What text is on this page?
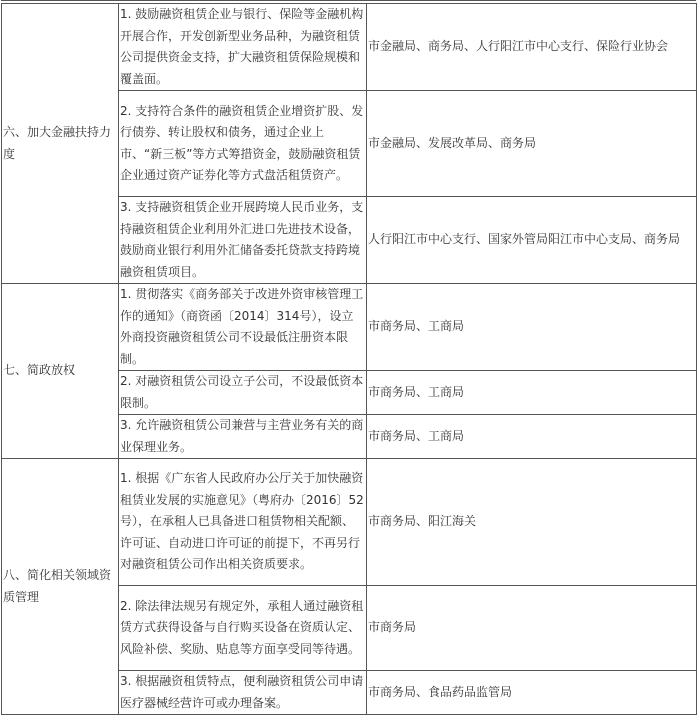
六、加大金融扶持力度	1. 鼓励融资租赁企业与银行、保险等金融机构开展合作，开发创新型业务品种，为融资租赁公司提供资金支持，扩大融资租赁保险规模和覆盖面。	市金融局、商务局、人行阳江市中心支行、保险行业协会
	2. 支持符合条件的融资租赁企业增资扩股、发行债券、转让股权和债务，通过企业上市、“新三板”等方式筹措资金，鼓励融资租赁企业通过资产证券化等方式盘活租赁资产。	市金融局、发展改革局、商务局
	3. 支持融资租赁企业开展跨境人民币业务，支持融资租赁企业利用外汇进口先进技术设备，鼓励商业银行利用外汇储备委托贷款支持跨境融资租赁项目。	人行阳江市中心支行、国家外管局阳江市中心支局、商务局
七、简政放权	1. 贯彻落实《商务部关于改进外资审核管理工作的通知》（商资函〔2014〕314号），设立外商投资融资租赁公司不设最低注册资本限制。	市商务局、工商局
	2. 对融资租赁公司设立子公司，不设最低资本限制。	市商务局、工商局
	3. 允许融资租赁公司兼营与主营业务有关的商业保理业务。	市商务局、工商局
八、简化相关领域资质管理	1. 根据《广东省人民政府办公厅关于加快融资租赁业发展的实施意见》（粤府办〔2016〕52号），在承租人已具备进口租赁物相关配额、许可证、自动进口许可证的前提下，不再另行对融资租赁公司作出相关资质要求。	市商务局、阳江海关
	2. 除法律法规另有规定外，承租人通过融资租赁方式获得设备与自行购买设备在资质认定、风险补偿、奖励、贴息等方面享受同等待遇。	市商务局
	3. 根据融资租赁特点，便利融资租赁公司申请医疗器械经营许可或办理备案。	市商务局、食品药品监管局
